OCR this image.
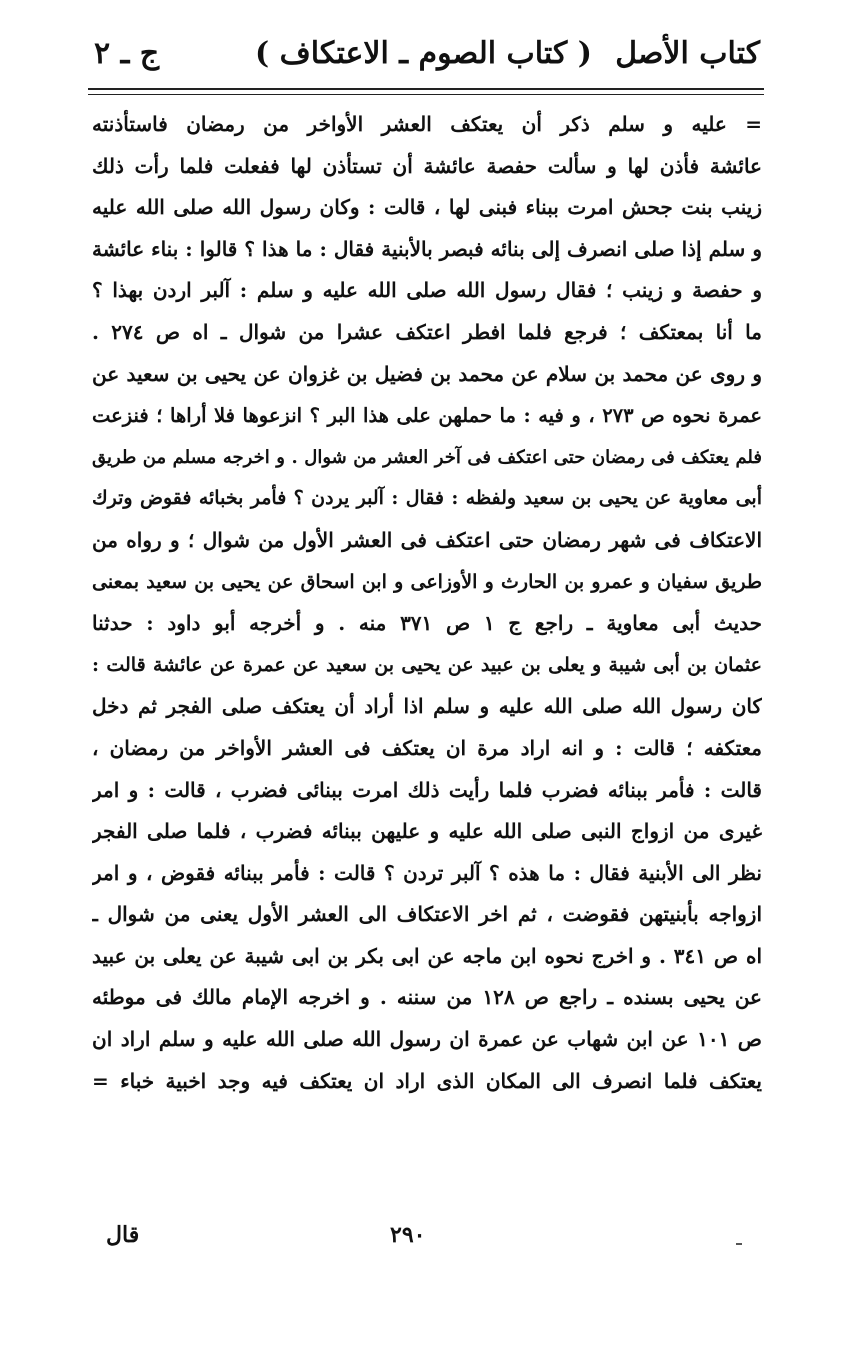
كتاب الأصل
( كتاب الصوم ـ الاعتكاف )
ج ـ ٢
= عليه و سلم ذكر أن يعتكف العشر الأواخر من رمضان فاستأذنته
عائشة فأذن لها و سألت حفصة عائشة أن تستأذن لها ففعلت فلما رأت ذلك
زينب بنت جحش امرت ببناء فبنى لها ، قالت : وكان رسول الله صلى الله عليه
و سلم إذا صلى انصرف إلى بنائه فبصر بالأبنية فقال : ما هذا ؟ قالوا : بناء عائشة
و حفصة و زينب ؛ فقال رسول الله صلى الله عليه و سلم : آلبر اردن بهذا ؟
ما أنا بمعتكف ؛ فرجع فلما افطر اعتكف عشرا من شوال ـ اه ص ٢٧٤ .
و روى عن محمد بن سلام عن محمد بن فضيل بن غزوان عن يحيى بن سعيد عن
عمرة نحوه ص ٢٧٣ ، و فيه : ما حملهن على هذا البر ؟ انزعوها فلا أراها ؛ فنزعت
فلم يعتكف فى رمضان حتى اعتكف فى آخر العشر من شوال . و اخرجه مسلم من طريق
أبى معاوية عن يحيى بن سعيد ولفظه : فقال : آلبر يردن ؟ فأمر بخبائه فقوض وترك
الاعتكاف فى شهر رمضان حتى اعتكف فى العشر الأول من شوال ؛ و رواه من
طريق سفيان و عمرو بن الحارث و الأوزاعى و ابن اسحاق عن يحيى بن سعيد بمعنى
حديث أبى معاوية ـ راجع ج ١ ص ٣٧١ منه . و أخرجه أبو داود : حدثنا
عثمان بن أبى شيبة و يعلى بن عبيد عن يحيى بن سعيد عن عمرة عن عائشة قالت :
كان رسول الله صلى الله عليه و سلم اذا أراد أن يعتكف صلى الفجر ثم دخل
معتكفه ؛ قالت : و انه اراد مرة ان يعتكف فى العشر الأواخر من رمضان ،
قالت : فأمر ببنائه فضرب فلما رأيت ذلك امرت ببنائى فضرب ، قالت : و امر
غيرى من ازواج النبى صلى الله عليه و عليهن ببنائه فضرب ، فلما صلى الفجر
نظر الى الأبنية فقال : ما هذه ؟ آلبر تردن ؟ قالت : فأمر ببنائه فقوض ، و امر
ازواجه بأبنيتهن فقوضت ، ثم اخر الاعتكاف الى العشر الأول يعنى من شوال ـ
اه ص ٣٤١ . و اخرج نحوه ابن ماجه عن ابى بكر بن ابى شيبة عن يعلى بن عبيد
عن يحيى بسنده ـ راجع ص ١٢٨ من سننه . و اخرجه الإمام مالك فى موطئه
ص ١٠١ عن ابن شهاب عن عمرة ان رسول الله صلى الله عليه و سلم اراد ان
يعتكف فلما انصرف الى المكان الذى اراد ان يعتكف فيه وجد اخبية خباء =
٢٩٠
قال
